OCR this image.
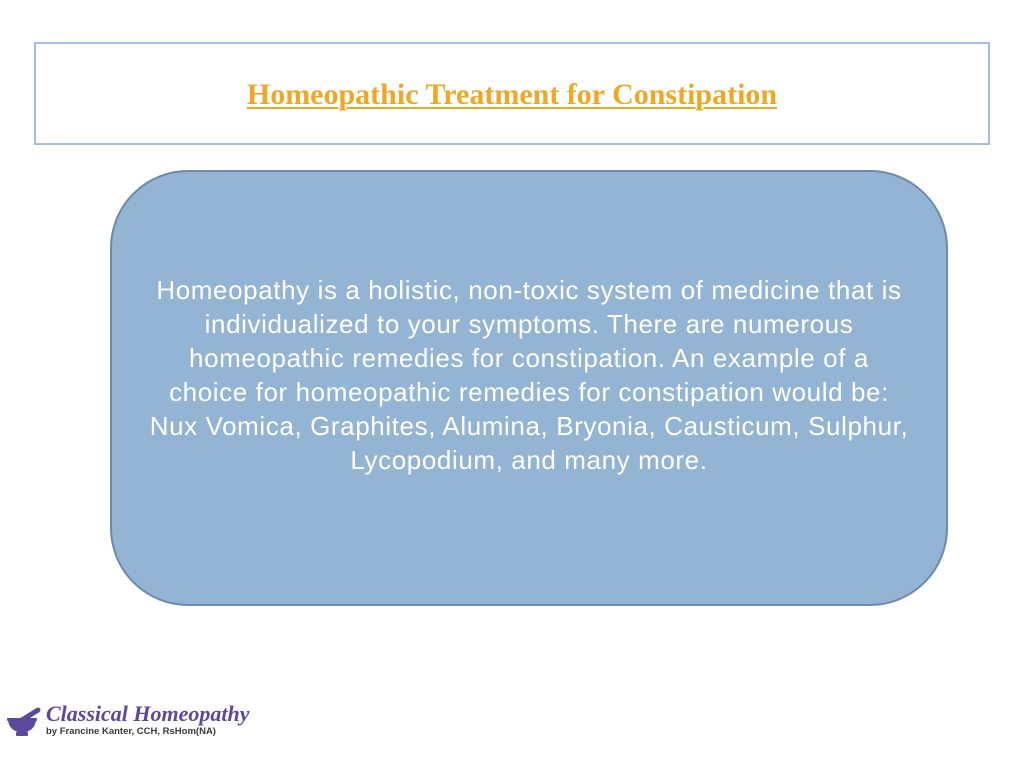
Homeopathic Treatment for Constipation
Homeopathy is a holistic, non-toxic system of medicine that is
individualized to your symptoms. There are numerous
homeopathic remedies for constipation. An example of a
choice for homeopathic remedies for constipation would be:
Nux Vomica, Graphites, Alumina, Bryonia, Causticum, Sulphur,
Lycopodium, and many more.
Classical Homeopathy
by Francine Kanter, CCH, RsHom(NA)
